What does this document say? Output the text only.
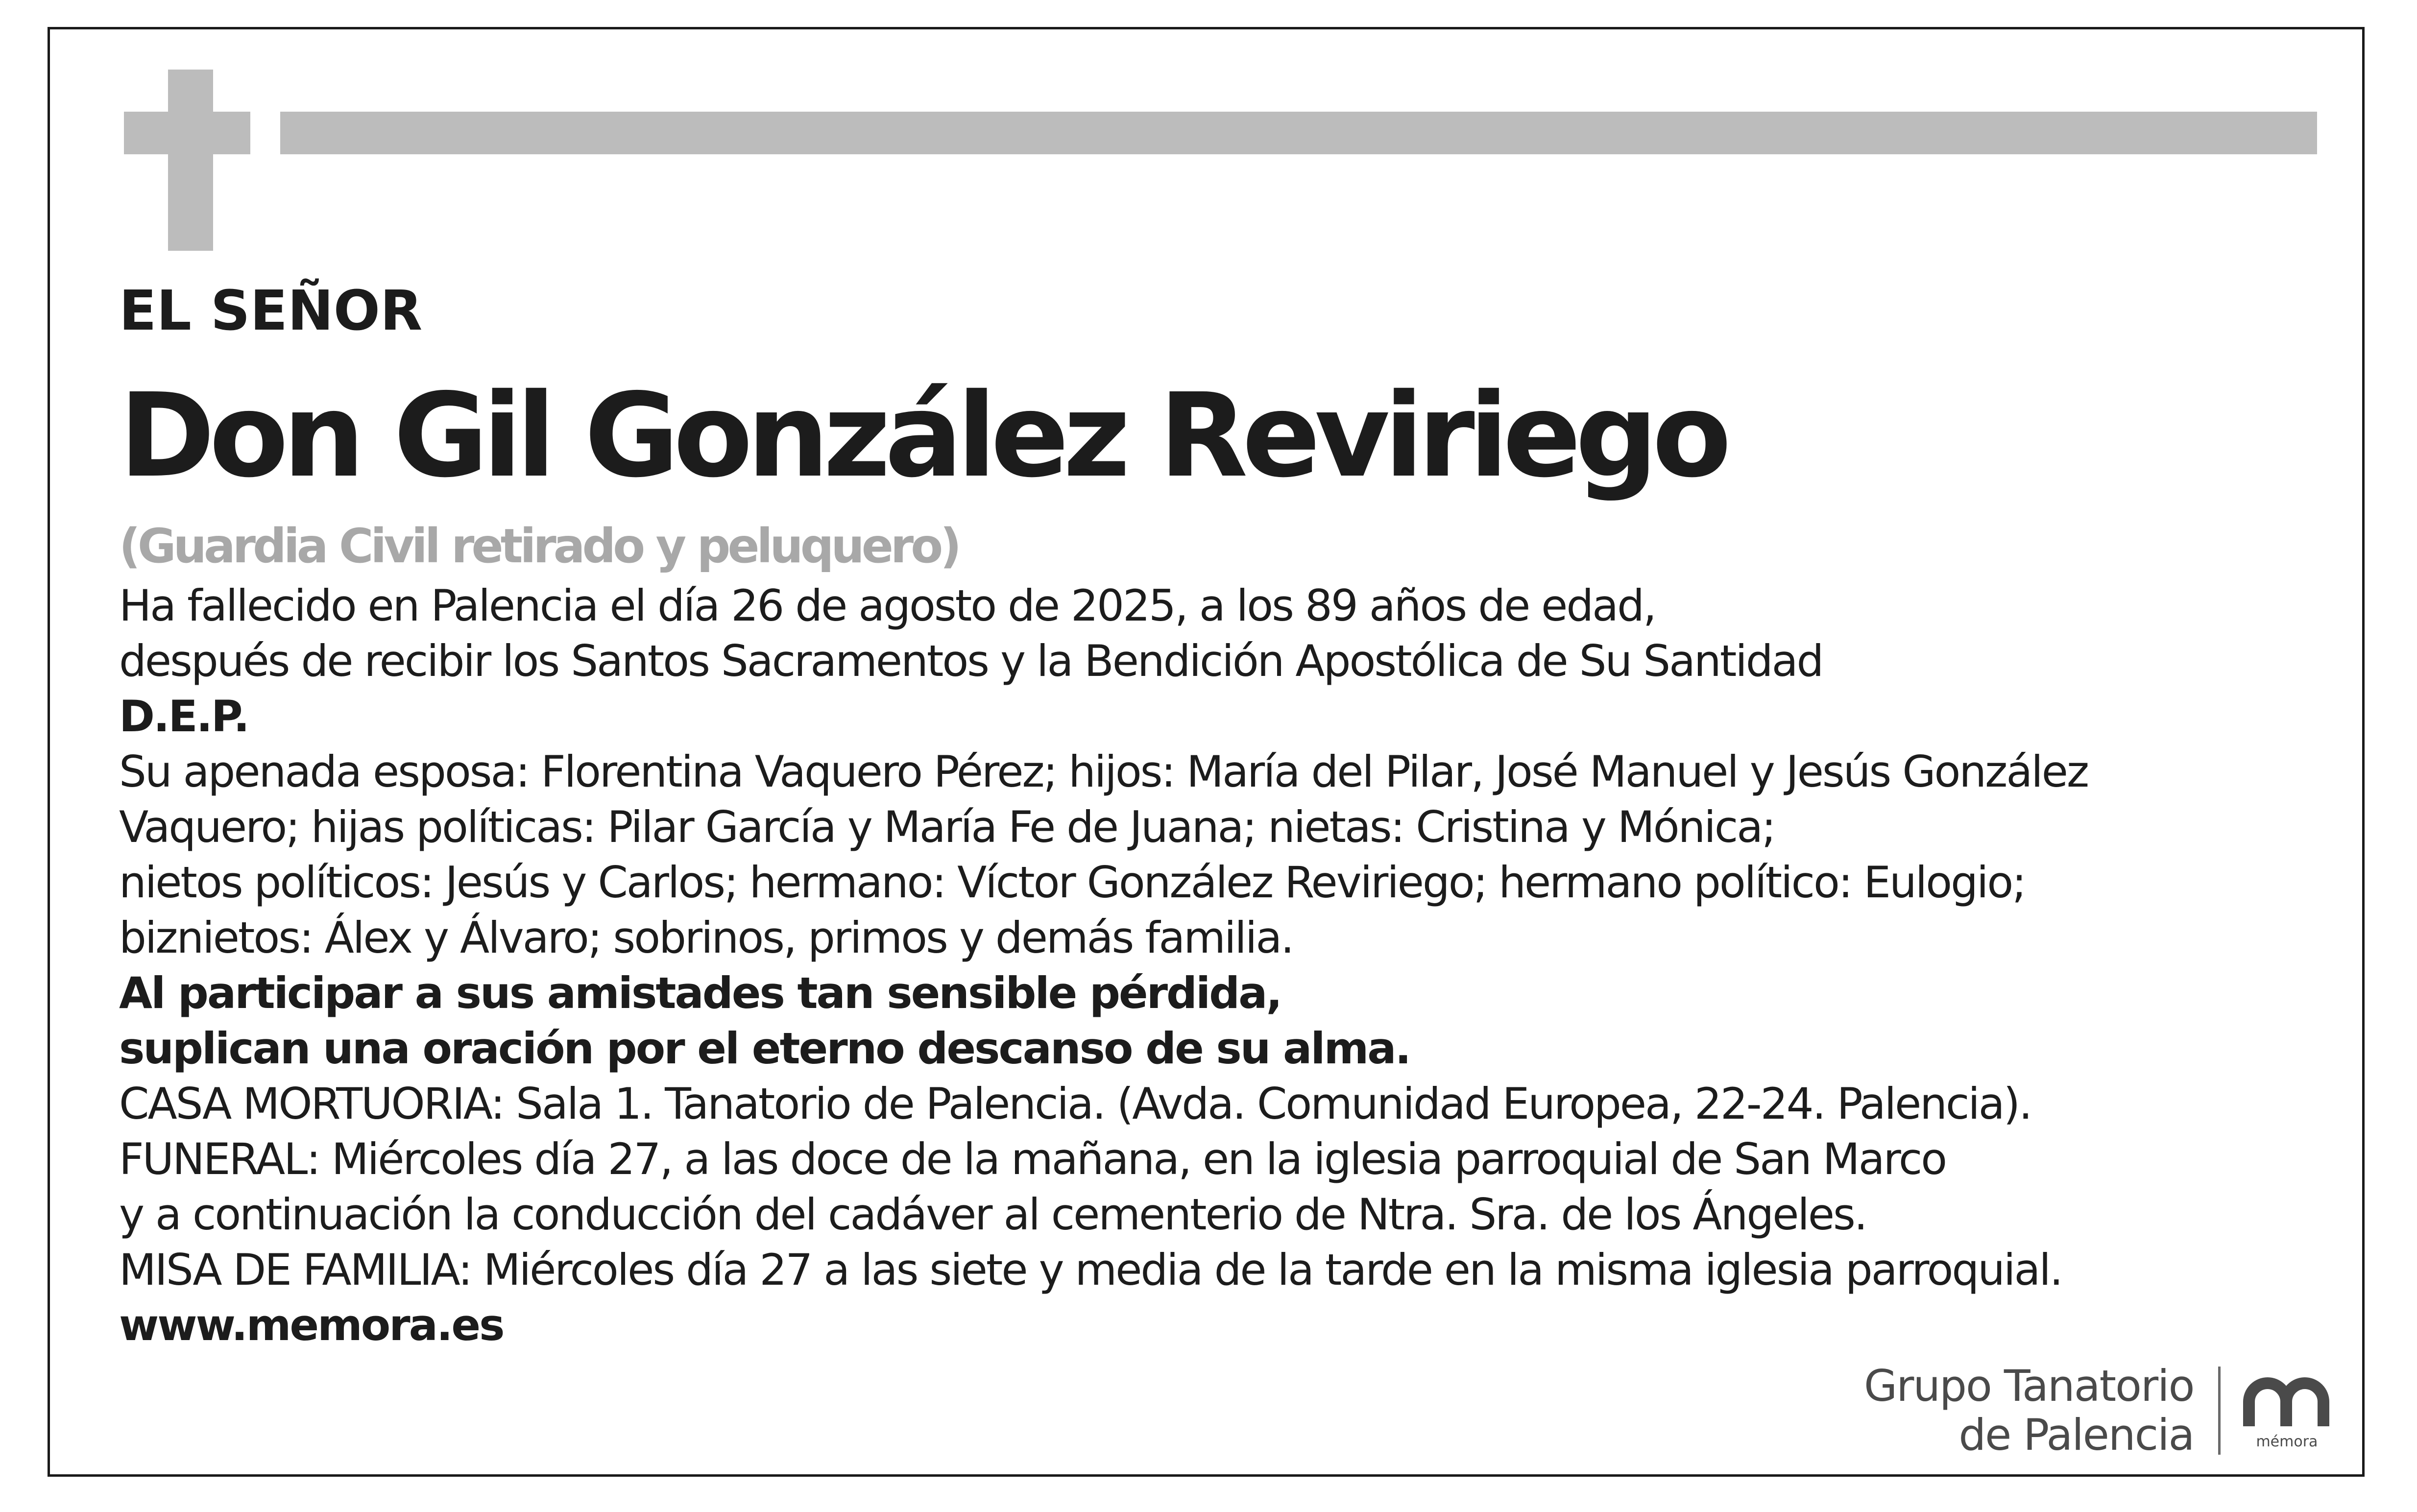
EL SEÑOR

Don Gil González Reviriego

(Guardia Civil retirado y peluquero)

Ha fallecido en Palencia el día 26 de agosto de 2025, a los 89 años de edad,

después de recibir los Santos Sacramentos y la Bendición Apostólica de Su Santidad

D.E.P.

Su apenada esposa: Florentina Vaquero Pérez; hijos: María del Pilar, José Manuel y Jesús González

Vaquero; hijas políticas: Pilar García y María Fe de Juana; nietas: Cristina y Mónica;

nietos políticos: Jesús y Carlos; hermano: Víctor González Reviriego; hermano político: Eulogio;

biznietos: Álex y Álvaro; sobrinos, primos y demás familia.

Al participar a sus amistades tan sensible pérdida,

suplican una oración por el eterno descanso de su alma.

CASA MORTUORIA: Sala 1. Tanatorio de Palencia. (Avda. Comunidad Europea, 22-24. Palencia).

FUNERAL: Miércoles día 27, a las doce de la mañana, en la iglesia parroquial de San Marco

y a continuación la conducción del cadáver al cementerio de Ntra. Sra. de los Ángeles.

MISA DE FAMILIA: Miércoles día 27 a las siete y media de la tarde en la misma iglesia parroquial.

www.memora.es

Grupo Tanatorio
de Palencia	mémora
